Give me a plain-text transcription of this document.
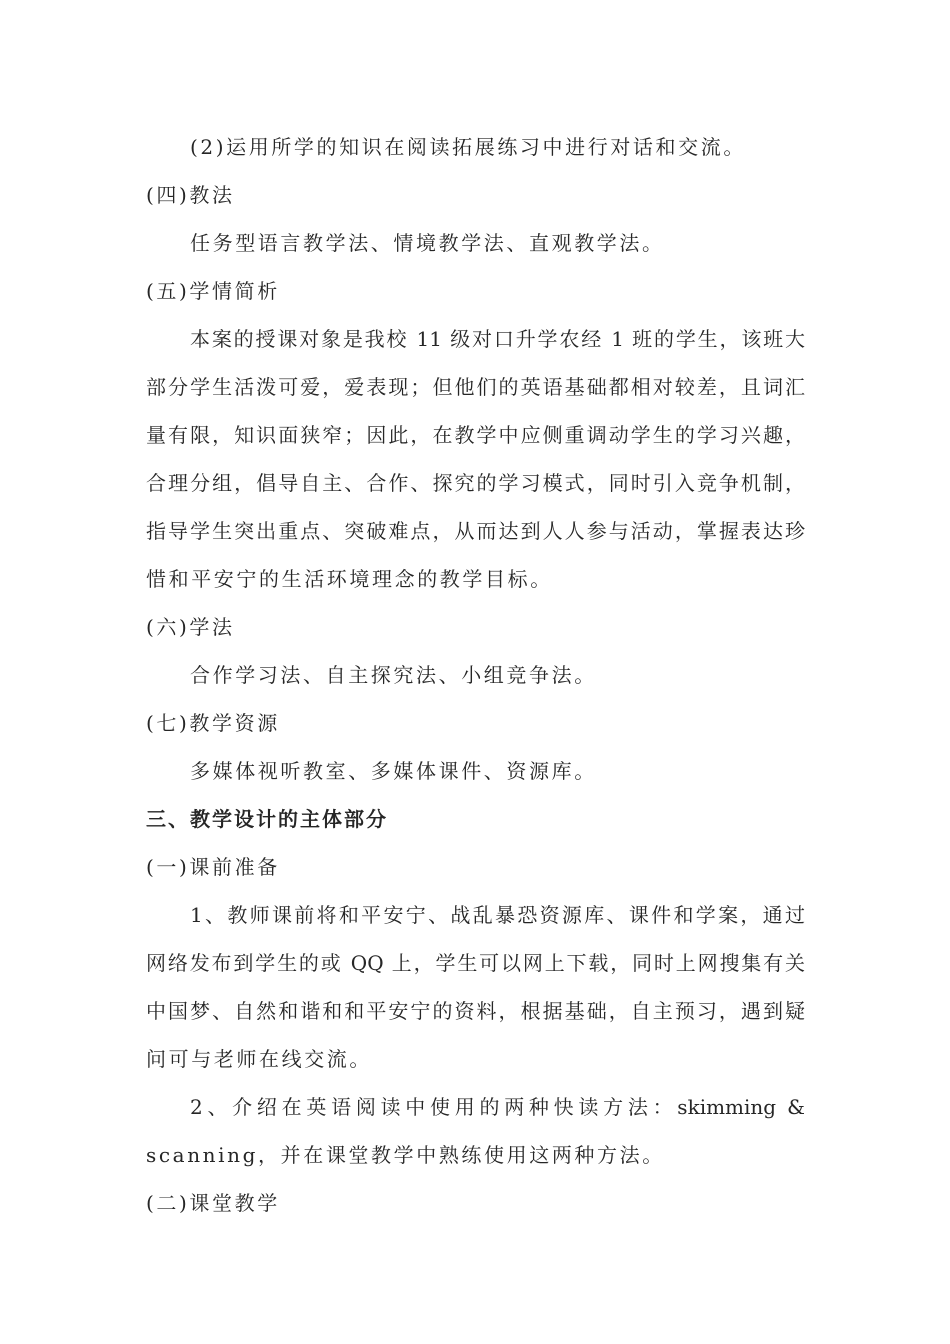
(2)运用所学的知识在阅读拓展练习中进行对话和交流。
(四)教法
任务型语言教学法、情境教学法、直观教学法。
(五)学情简析
本案的授课对象是我校 11 级对口升学农经 1 班的学生，该班大
部分学生活泼可爱，爱表现；但他们的英语基础都相对较差，且词汇
量有限，知识面狭窄；因此，在教学中应侧重调动学生的学习兴趣，
合理分组，倡导自主、合作、探究的学习模式，同时引入竞争机制，
指导学生突出重点、突破难点，从而达到人人参与活动，掌握表达珍
惜和平安宁的生活环境理念的教学目标。
(六)学法
合作学习法、自主探究法、小组竞争法。
(七)教学资源
多媒体视听教室、多媒体课件、资源库。
三、教学设计的主体部分
(一)课前准备
1、教师课前将和平安宁、战乱暴恐资源库、课件和学案，通过
网络发布到学生的或 QQ 上，学生可以网上下载，同时上网搜集有关
中国梦、自然和谐和和平安宁的资料，根据基础，自主预习，遇到疑
问可与老师在线交流。
2、介绍在英语阅读中使用的两种快读方法：skimming &
scanning，并在课堂教学中熟练使用这两种方法。
(二)课堂教学
